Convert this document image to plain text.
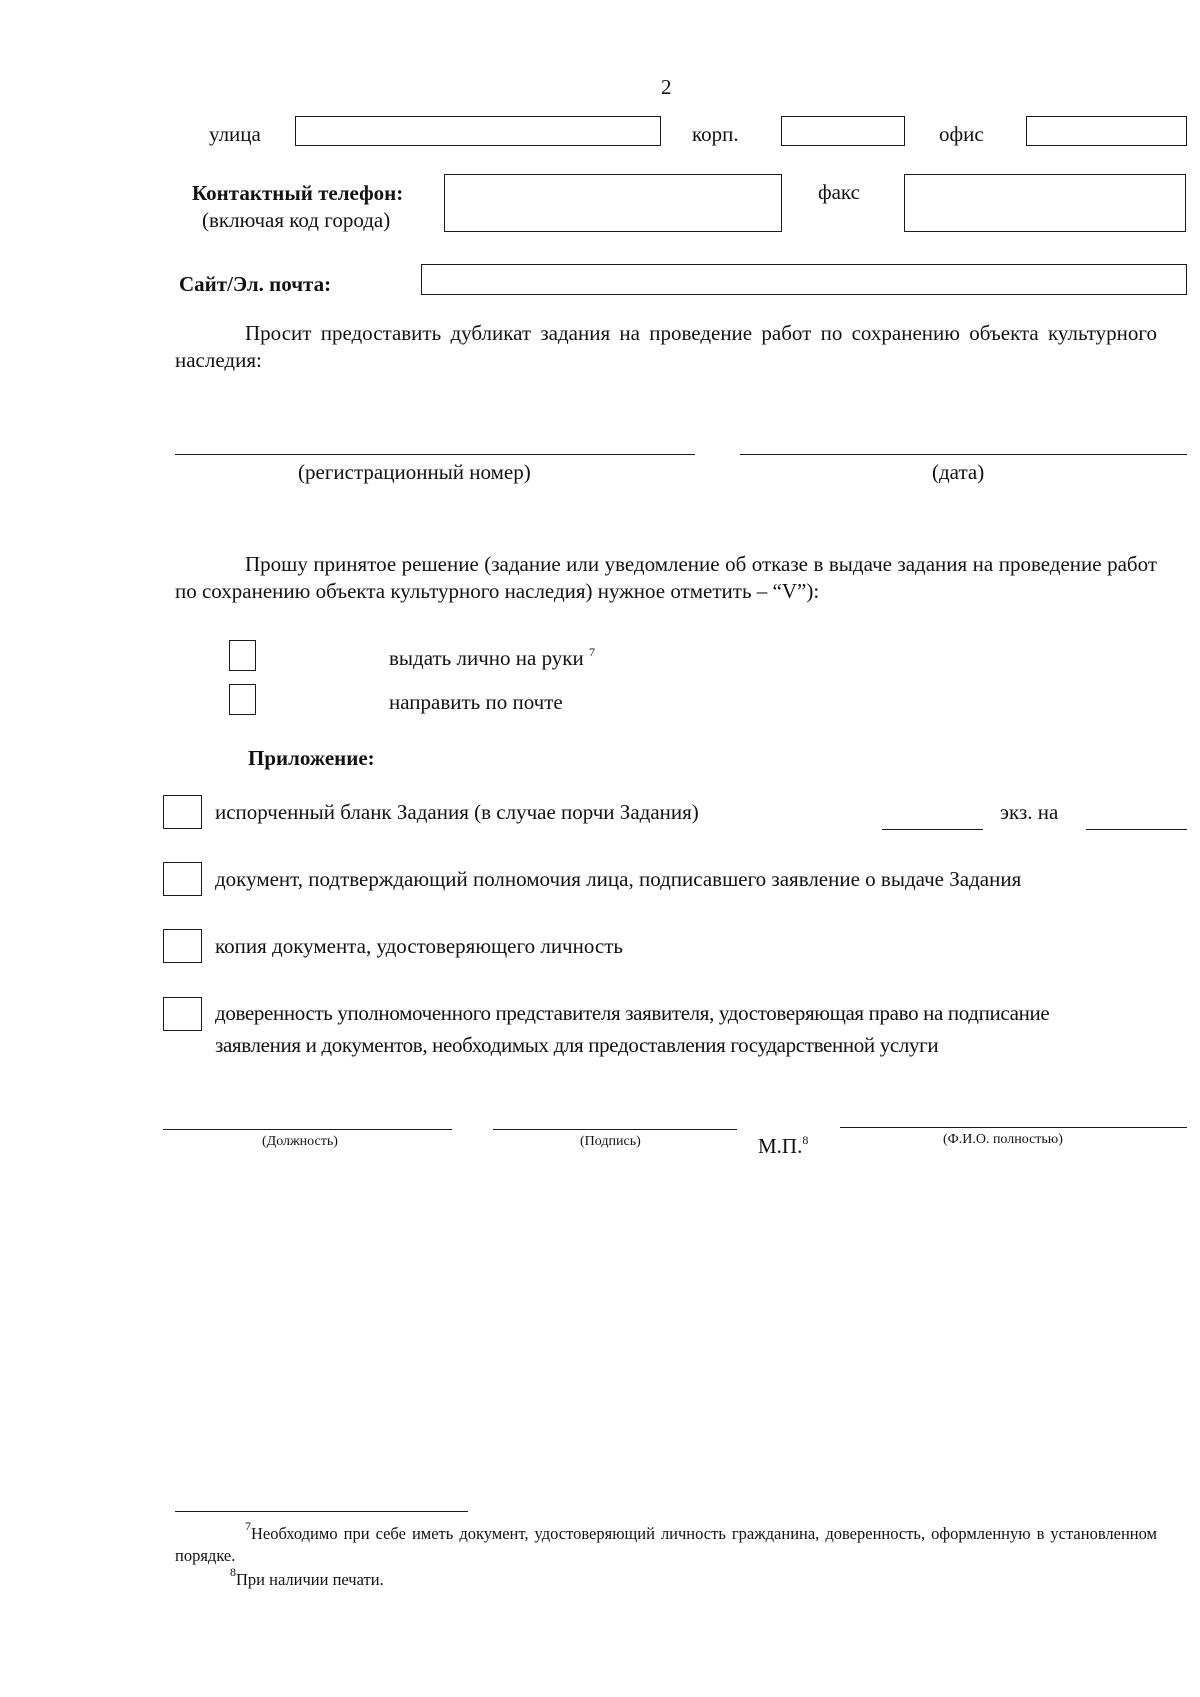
2
улица	корп.	офис
Контактный телефон:
(включая код города)
факс
Сайт/Эл. почта:
Просит предоставить дубликат задания на проведение работ по сохранению объекта культурного наследия:
(регистрационный номер)	(дата)
Прошу принятое решение (задание или уведомление об отказе в выдаче задания на проведение работ по сохранению объекта культурного наследия) нужное отметить – “V”):
выдать лично на руки $^7$
направить по почте
Приложение:
испорченный бланк Задания (в случае порчи Задания)	экз. на
документ, подтверждающий полномочия лица, подписавшего заявление о выдаче Задания
копия документа, удостоверяющего личность
доверенность уполномоченного представителя заявителя, удостоверяющая право на подписание
заявления и документов, необходимых для предоставления государственной услуги
(Должность)	(Подпись)	М.П.$^8$	(Ф.И.О. полностью)
$^7$Необходимо при себе иметь документ, удостоверяющий личность гражданина, доверенность, оформленную в установленном порядке.
$^8$При наличии печати.
